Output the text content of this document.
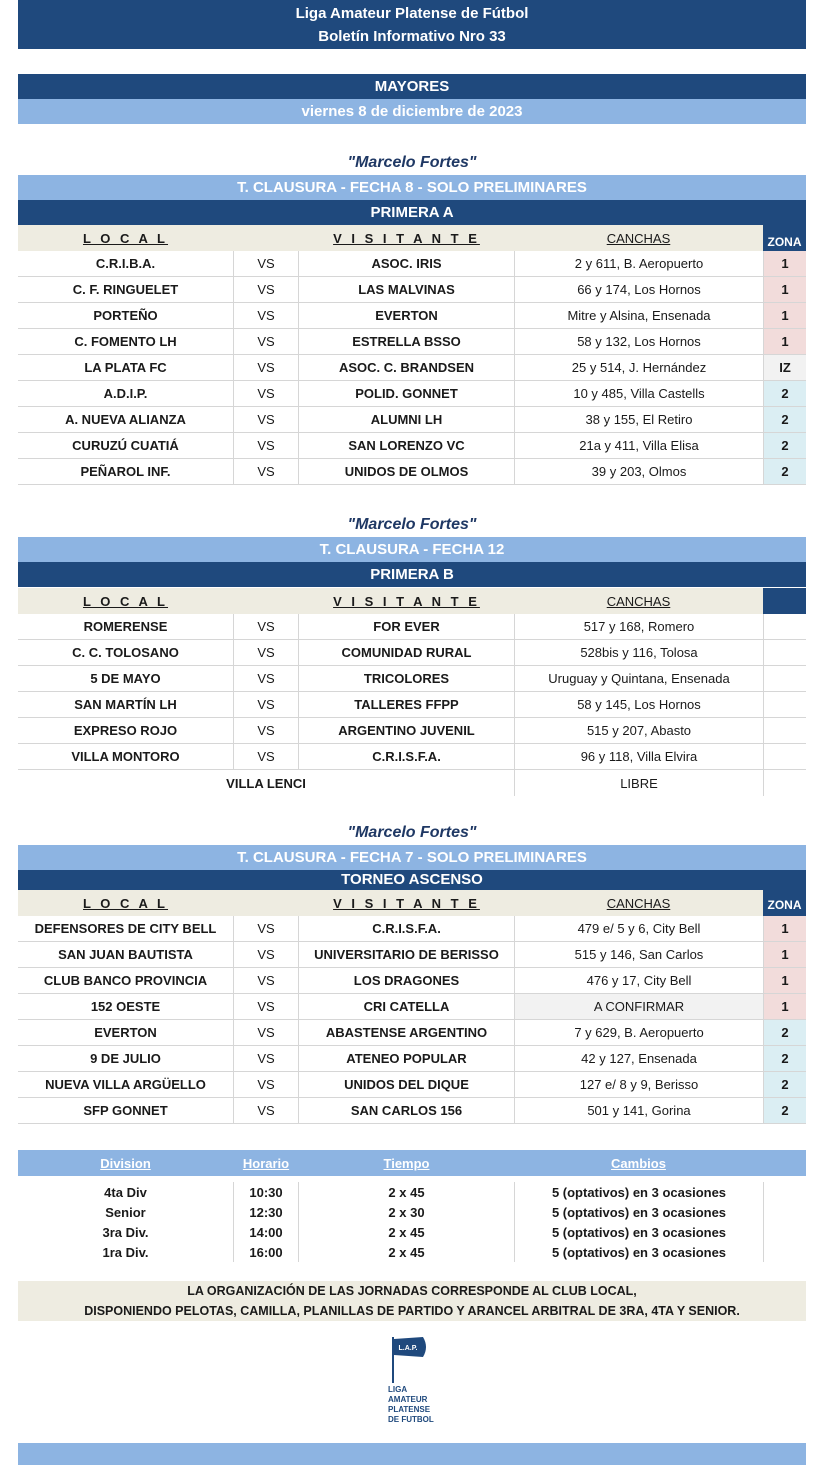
Liga Amateur Platense de Fútbol
Boletín Informativo Nro 33
MAYORES
viernes 8 de diciembre de 2023
"Marcelo Fortes"
T. CLAUSURA - FECHA 8 - SOLO PRELIMINARES
PRIMERA A
L O C A L	V I S I T A N T E	CANCHAS	ZONA
C.R.I.B.A.	VS	ASOC. IRIS	2 y 611, B. Aeropuerto	1
C. F. RINGUELET	VS	LAS MALVINAS	66 y 174, Los Hornos	1
PORTEÑO	VS	EVERTON	Mitre y Alsina, Ensenada	1
C. FOMENTO LH	VS	ESTRELLA BSSO	58 y 132, Los Hornos	1
LA PLATA FC	VS	ASOC. C. BRANDSEN	25 y 514, J. Hernández	IZ
A.D.I.P.	VS	POLID. GONNET	10 y 485, Villa Castells	2
A. NUEVA ALIANZA	VS	ALUMNI LH	38 y 155, El Retiro	2
CURUZÚ CUATIÁ	VS	SAN LORENZO VC	21a y 411, Villa Elisa	2
PEÑAROL INF.	VS	UNIDOS DE OLMOS	39 y 203, Olmos	2
"Marcelo Fortes"
T. CLAUSURA - FECHA 12
PRIMERA B
L O C A L	V I S I T A N T E	CANCHAS
ROMERENSE	VS	FOR EVER	517 y 168, Romero
C. C. TOLOSANO	VS	COMUNIDAD RURAL	528bis y 116, Tolosa
5 DE MAYO	VS	TRICOLORES	Uruguay y Quintana, Ensenada
SAN MARTÍN LH	VS	TALLERES FFPP	58 y 145, Los Hornos
EXPRESO ROJO	VS	ARGENTINO JUVENIL	515 y 207, Abasto
VILLA MONTORO	VS	C.R.I.S.F.A.	96 y 118, Villa Elvira
VILLA LENCI	LIBRE
"Marcelo Fortes"
T. CLAUSURA - FECHA 7 - SOLO PRELIMINARES
TORNEO ASCENSO
L O C A L	V I S I T A N T E	CANCHAS	ZONA
DEFENSORES DE CITY BELL	VS	C.R.I.S.F.A.	479 e/ 5 y 6, City Bell	1
SAN JUAN BAUTISTA	VS	UNIVERSITARIO DE BERISSO	515 y 146, San Carlos	1
CLUB BANCO PROVINCIA	VS	LOS DRAGONES	476 y 17, City Bell	1
152 OESTE	VS	CRI CATELLA	A CONFIRMAR	1
EVERTON	VS	ABASTENSE ARGENTINO	7 y 629, B. Aeropuerto	2
9 DE JULIO	VS	ATENEO POPULAR	42 y 127, Ensenada	2
NUEVA VILLA ARGÜELLO	VS	UNIDOS DEL DIQUE	127 e/ 8 y 9, Berisso	2
SFP GONNET	VS	SAN CARLOS 156	501 y 141, Gorina	2
Division	Horario	Tiempo	Cambios
4ta Div	10:30	2 x 45	5 (optativos) en 3 ocasiones
Senior	12:30	2 x 30	5 (optativos) en 3 ocasiones
3ra Div.	14:00	2 x 45	5 (optativos) en 3 ocasiones
1ra Div.	16:00	2 x 45	5 (optativos) en 3 ocasiones
LA ORGANIZACIÓN DE LAS JORNADAS CORRESPONDE AL CLUB LOCAL,
DISPONIENDO PELOTAS, CAMILLA, PLANILLAS DE PARTIDO Y ARANCEL ARBITRAL DE 3RA, 4TA Y SENIOR.
L.A.P.
LIGA
AMATEUR
PLATENSE
DE FUTBOL
